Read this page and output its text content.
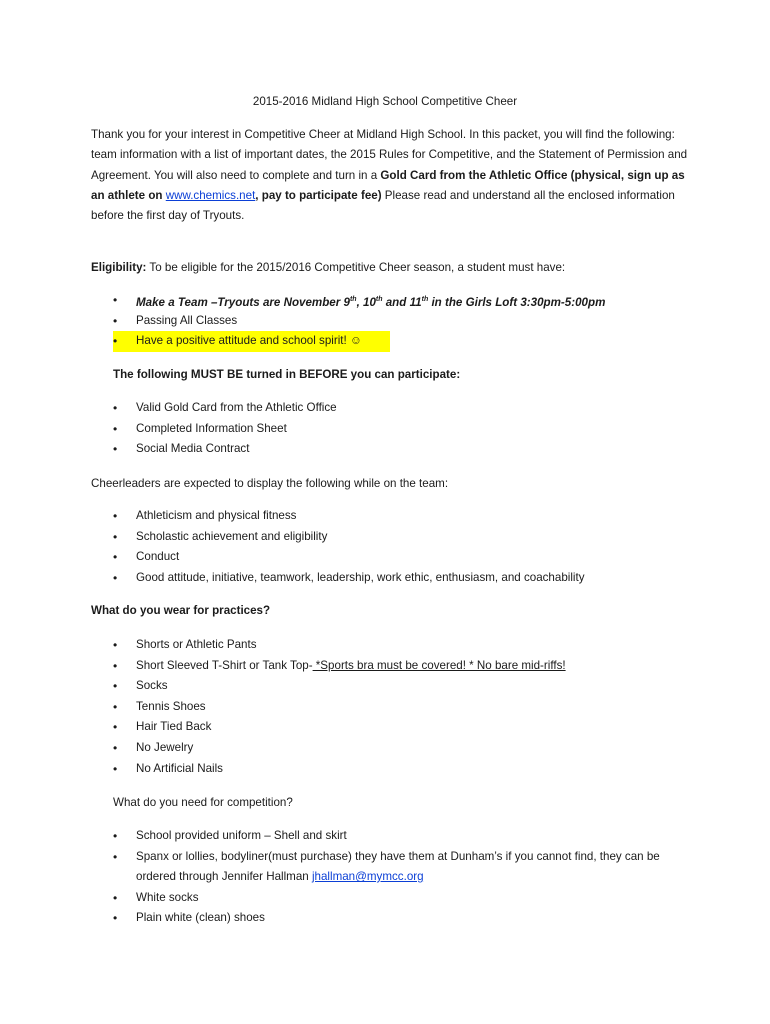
2015-2016 Midland High School Competitive Cheer

Thank you for your interest in Competitive Cheer at Midland High School. In this packet, you will find the following: team information with a list of important dates, the 2015 Rules for Competitive, and the Statement of Permission and Agreement. You will also need to complete and turn in a Gold Card from the Athletic Office (physical, sign up as an athlete on www.chemics.net, pay to participate fee) Please read and understand all the enclosed information before the first day of Tryouts.

Eligibility: To be eligible for the 2015/2016 Competitive Cheer season, a student must have:
• Make a Team –Tryouts are November 9th, 10th and 11th in the Girls Loft 3:30pm-5:00pm
• Passing All Classes
• Have a positive attitude and school spirit! ☺
The following MUST BE turned in BEFORE you can participate:
• Valid Gold Card from the Athletic Office
• Completed Information Sheet
• Social Media Contract
Cheerleaders are expected to display the following while on the team:
• Athleticism and physical fitness
• Scholastic achievement and eligibility
• Conduct
• Good attitude, initiative, teamwork, leadership, work ethic, enthusiasm, and coachability
What do you wear for practices?
• Shorts or Athletic Pants
• Short Sleeved T-Shirt or Tank Top- *Sports bra must be covered! * No bare mid-riffs!
• Socks
• Tennis Shoes
• Hair Tied Back
• No Jewelry
• No Artificial Nails
What do you need for competition?
• School provided uniform – Shell and skirt
• Spanx or lollies, bodyliner(must purchase) they have them at Dunham’s if you cannot find, they can be ordered through Jennifer Hallman jhallman@mymcc.org
• White socks
• Plain white (clean) shoes
